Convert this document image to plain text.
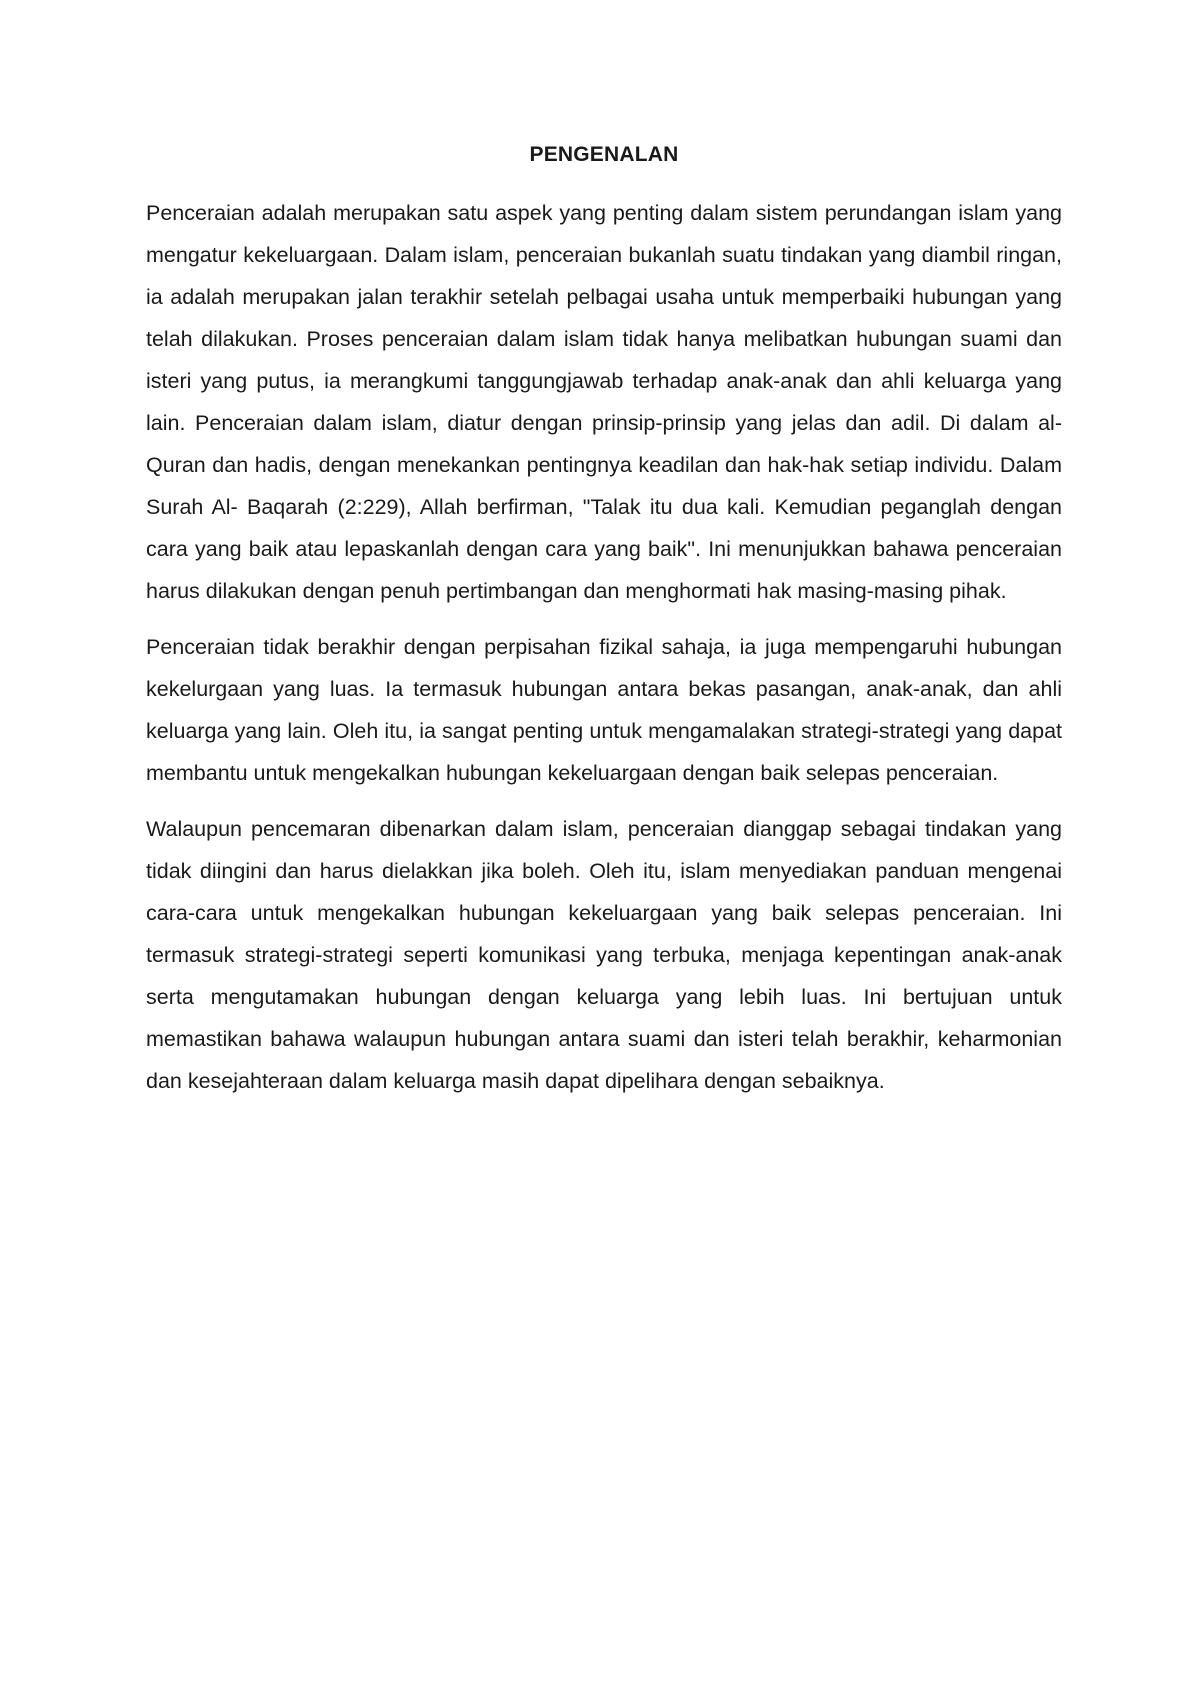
PENGENALAN

Penceraian adalah merupakan satu aspek yang penting dalam sistem perundangan islam yang mengatur kekeluargaan. Dalam islam, penceraian bukanlah suatu tindakan yang diambil ringan, ia adalah merupakan jalan terakhir setelah pelbagai usaha untuk memperbaiki hubungan yang telah dilakukan. Proses penceraian dalam islam tidak hanya melibatkan hubungan suami dan isteri yang putus, ia merangkumi tanggungjawab terhadap anak-anak dan ahli keluarga yang lain. Penceraian dalam islam, diatur dengan prinsip-prinsip yang jelas dan adil. Di dalam al-Quran dan hadis, dengan menekankan pentingnya keadilan dan hak-hak setiap individu. Dalam Surah Al- Baqarah (2:229), Allah berfirman, "Talak itu dua kali. Kemudian peganglah dengan cara yang baik atau lepaskanlah dengan cara yang baik". Ini menunjukkan bahawa penceraian harus dilakukan dengan penuh pertimbangan dan menghormati hak masing-masing pihak.

Penceraian tidak berakhir dengan perpisahan fizikal sahaja, ia juga mempengaruhi hubungan kekelurgaan yang luas. Ia termasuk hubungan antara bekas pasangan, anak-anak, dan ahli keluarga yang lain. Oleh itu, ia sangat penting untuk mengamalakan strategi-strategi yang dapat membantu untuk mengekalkan hubungan kekeluargaan dengan baik selepas penceraian.

Walaupun pencemaran dibenarkan dalam islam, penceraian dianggap sebagai tindakan yang tidak diingini dan harus dielakkan jika boleh. Oleh itu, islam menyediakan panduan mengenai cara-cara untuk mengekalkan hubungan kekeluargaan yang baik selepas penceraian. Ini termasuk strategi-strategi seperti komunikasi yang terbuka, menjaga kepentingan anak-anak serta mengutamakan hubungan dengan keluarga yang lebih luas. Ini bertujuan untuk memastikan bahawa walaupun hubungan antara suami dan isteri telah berakhir, keharmonian dan kesejahteraan dalam keluarga masih dapat dipelihara dengan sebaiknya.
